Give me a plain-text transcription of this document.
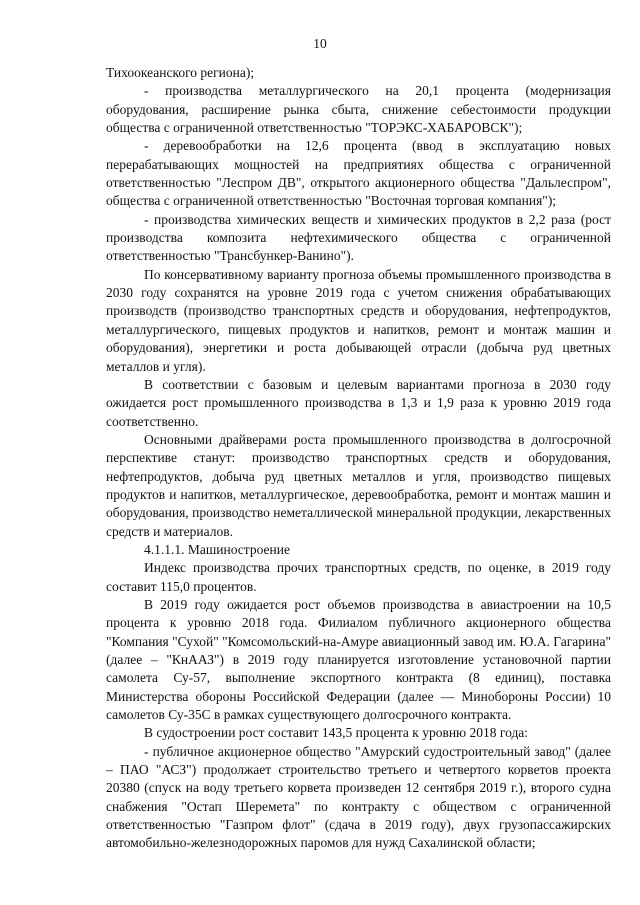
10

Тихоокеанского региона);

- производства металлургического на 20,1 процента (модернизация оборудования, расширение рынка сбыта, снижение себестоимости продукции общества с ограниченной ответственностью "ТОРЭКС-ХАБАРОВСК");

- деревообработки на 12,6 процента (ввод в эксплуатацию новых перерабатывающих мощностей на предприятиях общества с ограниченной ответственностью "Леспром ДВ", открытого акционерного общества "Дальлеспром", общества с ограниченной ответственностью "Восточная торговая компания");

- производства химических веществ и химических продуктов в 2,2 раза (рост производства композита нефтехимического общества с ограниченной ответственностью "Трансбункер-Ванино").

По консервативному варианту прогноза объемы промышленного производства в 2030 году сохранятся на уровне 2019 года с учетом снижения обрабатывающих производств (производство транспортных средств и оборудования, нефтепродуктов, металлургического, пищевых продуктов и напитков, ремонт и монтаж машин и оборудования), энергетики и роста добывающей отрасли (добыча руд цветных металлов и угля).

В соответствии с базовым и целевым вариантами прогноза в 2030 году ожидается рост промышленного производства в 1,3 и 1,9 раза к уровню 2019 года соответственно.

Основными драйверами роста промышленного производства в долгосрочной перспективе станут: производство транспортных средств и оборудования, нефтепродуктов, добыча руд цветных металлов и угля, производство пищевых продуктов и напитков, металлургическое, деревообработка, ремонт и монтаж машин и оборудования, производство неметаллической минеральной продукции, лекарственных средств и материалов.

4.1.1.1. Машиностроение

Индекс производства прочих транспортных средств, по оценке, в 2019 году составит 115,0 процентов.

В 2019 году ожидается рост объемов производства в авиастроении на 10,5 процента к уровню 2018 года. Филиалом публичного акционерного общества "Компания "Сухой" "Комсомольский-на-Амуре авиационный завод им. Ю.А. Гагарина" (далее – "КнААЗ") в 2019 году планируется изготовление установочной партии самолета Су-57, выполнение экспортного контракта (8 единиц), поставка Министерства обороны Российской Федерации (далее — Минобороны России) 10 самолетов Су-35С в рамках существующего долгосрочного контракта.

В судостроении рост составит 143,5 процента к уровню 2018 года:

- публичное акционерное общество "Амурский судостроительный завод" (далее – ПАО "АСЗ") продолжает строительство третьего и четвертого корветов проекта 20380 (спуск на воду третьего корвета произведен 12 сентября 2019 г.), второго судна снабжения "Остап Шеремета" по контракту с обществом с ограниченной ответственностью "Газпром флот" (сдача в 2019 году), двух грузопассажирских автомобильно-железнодорожных паромов для нужд Сахалинской области;
